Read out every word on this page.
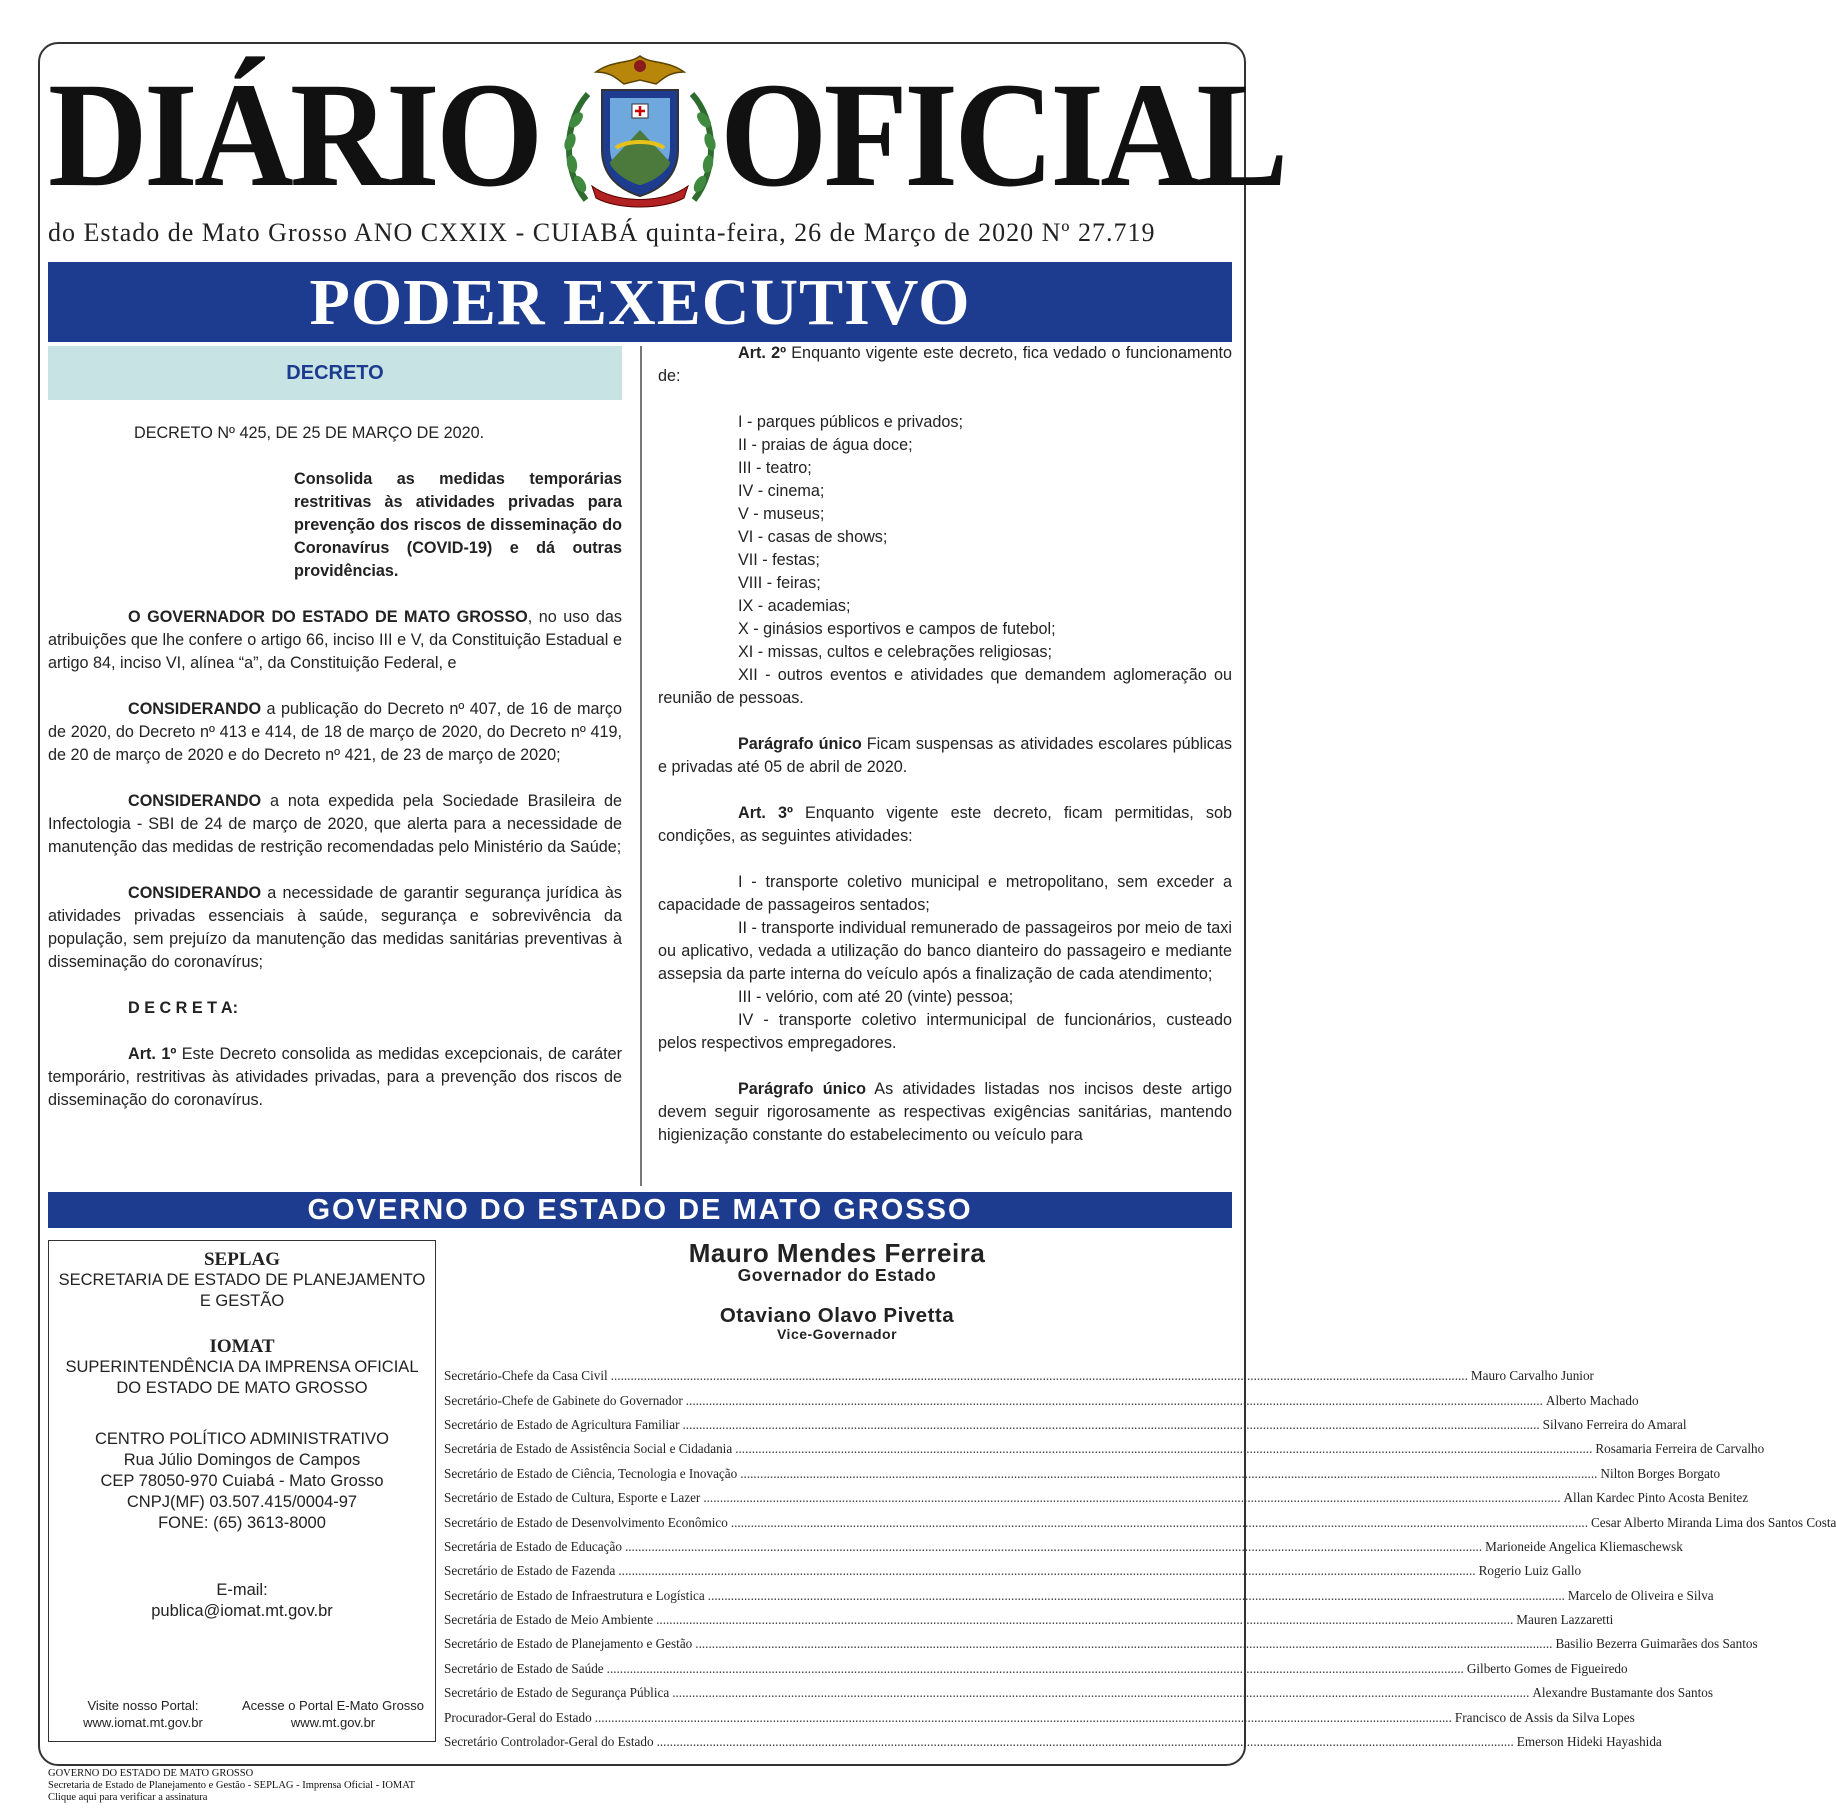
DIÁRIO OFICIAL
do Estado de Mato Grosso ANO CXXIX - CUIABÁ quinta-feira, 26 de Março de 2020 Nº 27.719
PODER EXECUTIVO
DECRETO

DECRETO Nº 425, DE 25 DE MARÇO DE 2020.

Consolida as medidas temporárias restritivas às atividades privadas para prevenção dos riscos de disseminação do Coronavírus (COVID-19) e dá outras providências.

O GOVERNADOR DO ESTADO DE MATO GROSSO, no uso das atribuições que lhe confere o artigo 66, inciso III e V, da Constituição Estadual e artigo 84, inciso VI, alínea “a”, da Constituição Federal, e

CONSIDERANDO a publicação do Decreto nº 407, de 16 de março de 2020, do Decreto nº 413 e 414, de 18 de março de 2020, do Decreto nº 419, de 20 de março de 2020 e do Decreto nº 421, de 23 de março de 2020;

CONSIDERANDO a nota expedida pela Sociedade Brasileira de Infectologia - SBI de 24 de março de 2020, que alerta para a necessidade de manutenção das medidas de restrição recomendadas pelo Ministério da Saúde;

CONSIDERANDO a necessidade de garantir segurança jurídica às atividades privadas essenciais à saúde, segurança e sobrevivência da população, sem prejuízo da manutenção das medidas sanitárias preventivas à disseminação do coronavírus;

D E C R E T A:

Art. 1º Este Decreto consolida as medidas excepcionais, de caráter temporário, restritivas às atividades privadas, para a prevenção dos riscos de disseminação do coronavírus.

Art. 2º Enquanto vigente este decreto, fica vedado o funcionamento de:

I - parques públicos e privados;

II - praias de água doce;

III - teatro;

IV - cinema;

V - museus;

VI - casas de shows;

VII - festas;

VIII - feiras;

IX - academias;

X - ginásios esportivos e campos de futebol;

XI - missas, cultos e celebrações religiosas;

XII - outros eventos e atividades que demandem aglomeração ou reunião de pessoas.

Parágrafo único Ficam suspensas as atividades escolares públicas e privadas até 05 de abril de 2020.

Art. 3º Enquanto vigente este decreto, ficam permitidas, sob condições, as seguintes atividades:

I - transporte coletivo municipal e metropolitano, sem exceder a capacidade de passageiros sentados;

II - transporte individual remunerado de passageiros por meio de taxi ou aplicativo, vedada a utilização do banco dianteiro do passageiro e mediante assepsia da parte interna do veículo após a finalização de cada atendimento;

III - velório, com até 20 (vinte) pessoa;

IV - transporte coletivo intermunicipal de funcionários, custeado pelos respectivos empregadores.

Parágrafo único As atividades listadas nos incisos deste artigo devem seguir rigorosamente as respectivas exigências sanitárias, mantendo higienização constante do estabelecimento ou veículo para

GOVERNO DO ESTADO DE MATO GROSSO
SEPLAG
SECRETARIA DE ESTADO DE PLANEJAMENTO
E GESTÃO
IOMAT
SUPERINTENDÊNCIA DA IMPRENSA OFICIAL
DO ESTADO DE MATO GROSSO
CENTRO POLÍTICO ADMINISTRATIVO
Rua Júlio Domingos de Campos
CEP 78050-970 Cuiabá - Mato Grosso
CNPJ(MF) 03.507.415/0004-97
FONE: (65) 3613-8000
E-mail:
publica@iomat.mt.gov.br
Visite nosso Portal:
www.iomat.mt.gov.br
Acesse o Portal E-Mato Grosso
www.mt.gov.br
Mauro Mendes Ferreira
Governador do Estado
Otaviano Olavo Pivetta
Vice-Governador
Secretário-Chefe da Casa Civil .................................................................................................................................................................................................................................................................... Mauro Carvalho Junior
Secretário-Chefe de Gabinete do Governador .................................................................................................................................................................................................................................................................... Alberto Machado
Secretário de Estado de Agricultura Familiar .................................................................................................................................................................................................................................................................... Silvano Ferreira do Amaral
Secretária de Estado de Assistência Social e Cidadania .................................................................................................................................................................................................................................................................... Rosamaria Ferreira de Carvalho
Secretário de Estado de Ciência, Tecnologia e Inovação .................................................................................................................................................................................................................................................................... Nilton Borges Borgato
Secretário de Estado de Cultura, Esporte e Lazer .................................................................................................................................................................................................................................................................... Allan Kardec Pinto Acosta Benitez
Secretário de Estado de Desenvolvimento Econômico .................................................................................................................................................................................................................................................................... Cesar Alberto Miranda Lima dos Santos Costa
Secretária de Estado de Educação .................................................................................................................................................................................................................................................................... Marioneide Angelica Kliemaschewsk
Secretário de Estado de Fazenda .................................................................................................................................................................................................................................................................... Rogerio Luiz Gallo
Secretário de Estado de Infraestrutura e Logística .................................................................................................................................................................................................................................................................... Marcelo de Oliveira e Silva
Secretária de Estado de Meio Ambiente .................................................................................................................................................................................................................................................................... Mauren Lazzaretti
Secretário de Estado de Planejamento e Gestão .................................................................................................................................................................................................................................................................... Basilio Bezerra Guimarães dos Santos
Secretário de Estado de Saúde .................................................................................................................................................................................................................................................................... Gilberto Gomes de Figueiredo
Secretário de Estado de Segurança Pública .................................................................................................................................................................................................................................................................... Alexandre Bustamante dos Santos
Procurador-Geral do Estado .................................................................................................................................................................................................................................................................... Francisco de Assis da Silva Lopes
Secretário Controlador-Geral do Estado .................................................................................................................................................................................................................................................................... Emerson Hideki Hayashida
GOVERNO DO ESTADO DE MATO GROSSO
Secretaria de Estado de Planejamento e Gestão - SEPLAG - Imprensa Oficial - IOMAT
Clique aqui para verificar a assinatura
